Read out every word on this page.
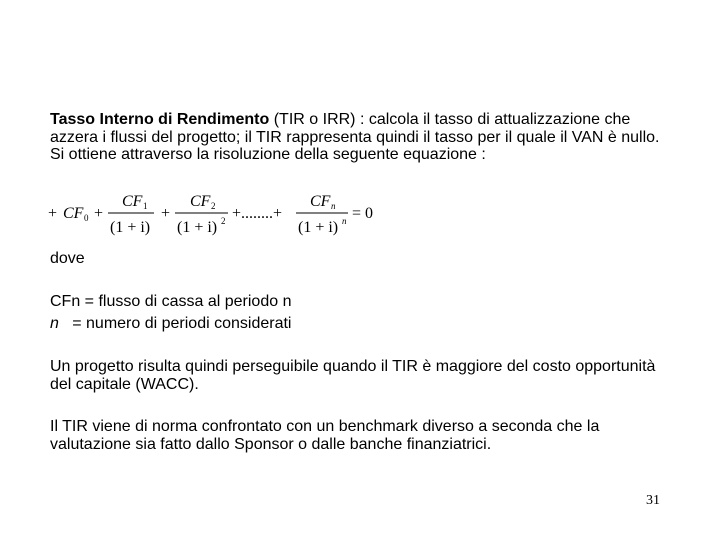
Tasso Interno di Rendimento (TIR o IRR) : calcola il tasso di attualizzazione che azzera i flussi del progetto; il TIR rappresenta quindi il tasso per il quale il VAN è nullo. Si ottiene attraverso la risoluzione della seguente equazione :

+ CF 0 +
CF 1
(1 + i)
+
CF 2
(1 + i) 2 +........+
CF n
(1 + i) n = 0

dove

CFn = flusso di cassa al periodo n
n   = numero di periodi considerati

Un progetto risulta quindi perseguibile quando il TIR è maggiore del costo opportunità del capitale (WACC).

Il TIR viene di norma confrontato con un benchmark diverso a seconda che la valutazione sia fatto dallo Sponsor o dalle banche finanziatrici.

31
